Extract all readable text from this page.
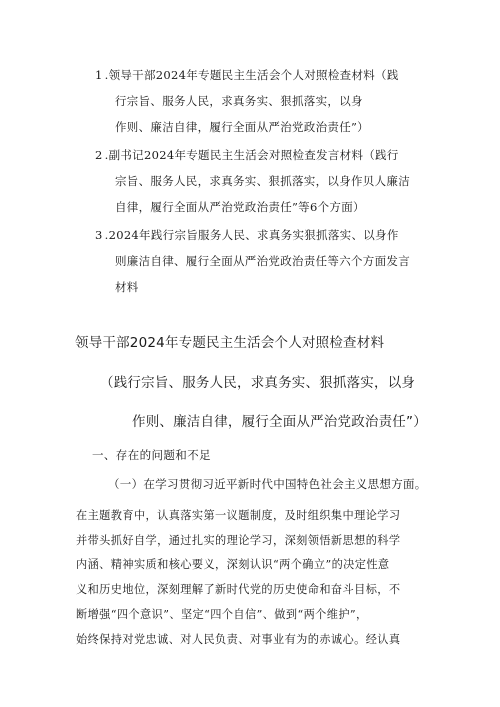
1 .领导干部2024年专题民主生活会个人对照检查材料（践
行宗旨、服务人民，求真务实、狠抓落实，以身
作则、廉洁自律，履行全面从严治党政治责任”）
2 .副书记2024年专题民主生活会对照检查发言材料（践行
宗旨、服务人民，求真务实、狠抓落实，以身作贝人廉洁
自律，履行全面从严治党政治责任”等6个方面）
3 .2024年践行宗旨服务人民、求真务实狠抓落实、以身作
则廉洁自律、履行全面从严治党政治责任等六个方面发言
材料
领导干部2024年专题民主生活会个人对照检查材料
（践行宗旨、服务人民，求真务实、狠抓落实，以身
作则、廉洁自律，履行全面从严治党政治责任”）
一、存在的问题和不足
（一）在学习贯彻习近平新时代中国特色社会主义思想方面。
在主题教育中，认真落实第一议题制度，及时组织集中理论学习
并带头抓好自学，通过扎实的理论学习，深刻领悟新思想的科学
内涵、精神实质和核心要义，深刻认识“两个确立”的决定性意
义和历史地位，深刻理解了新时代党的历史使命和奋斗目标，不
断增强“四个意识”、坚定“四个自信”、做到“两个维护”，
始终保持对党忠诚、对人民负责、对事业有为的赤诚心。经认真
